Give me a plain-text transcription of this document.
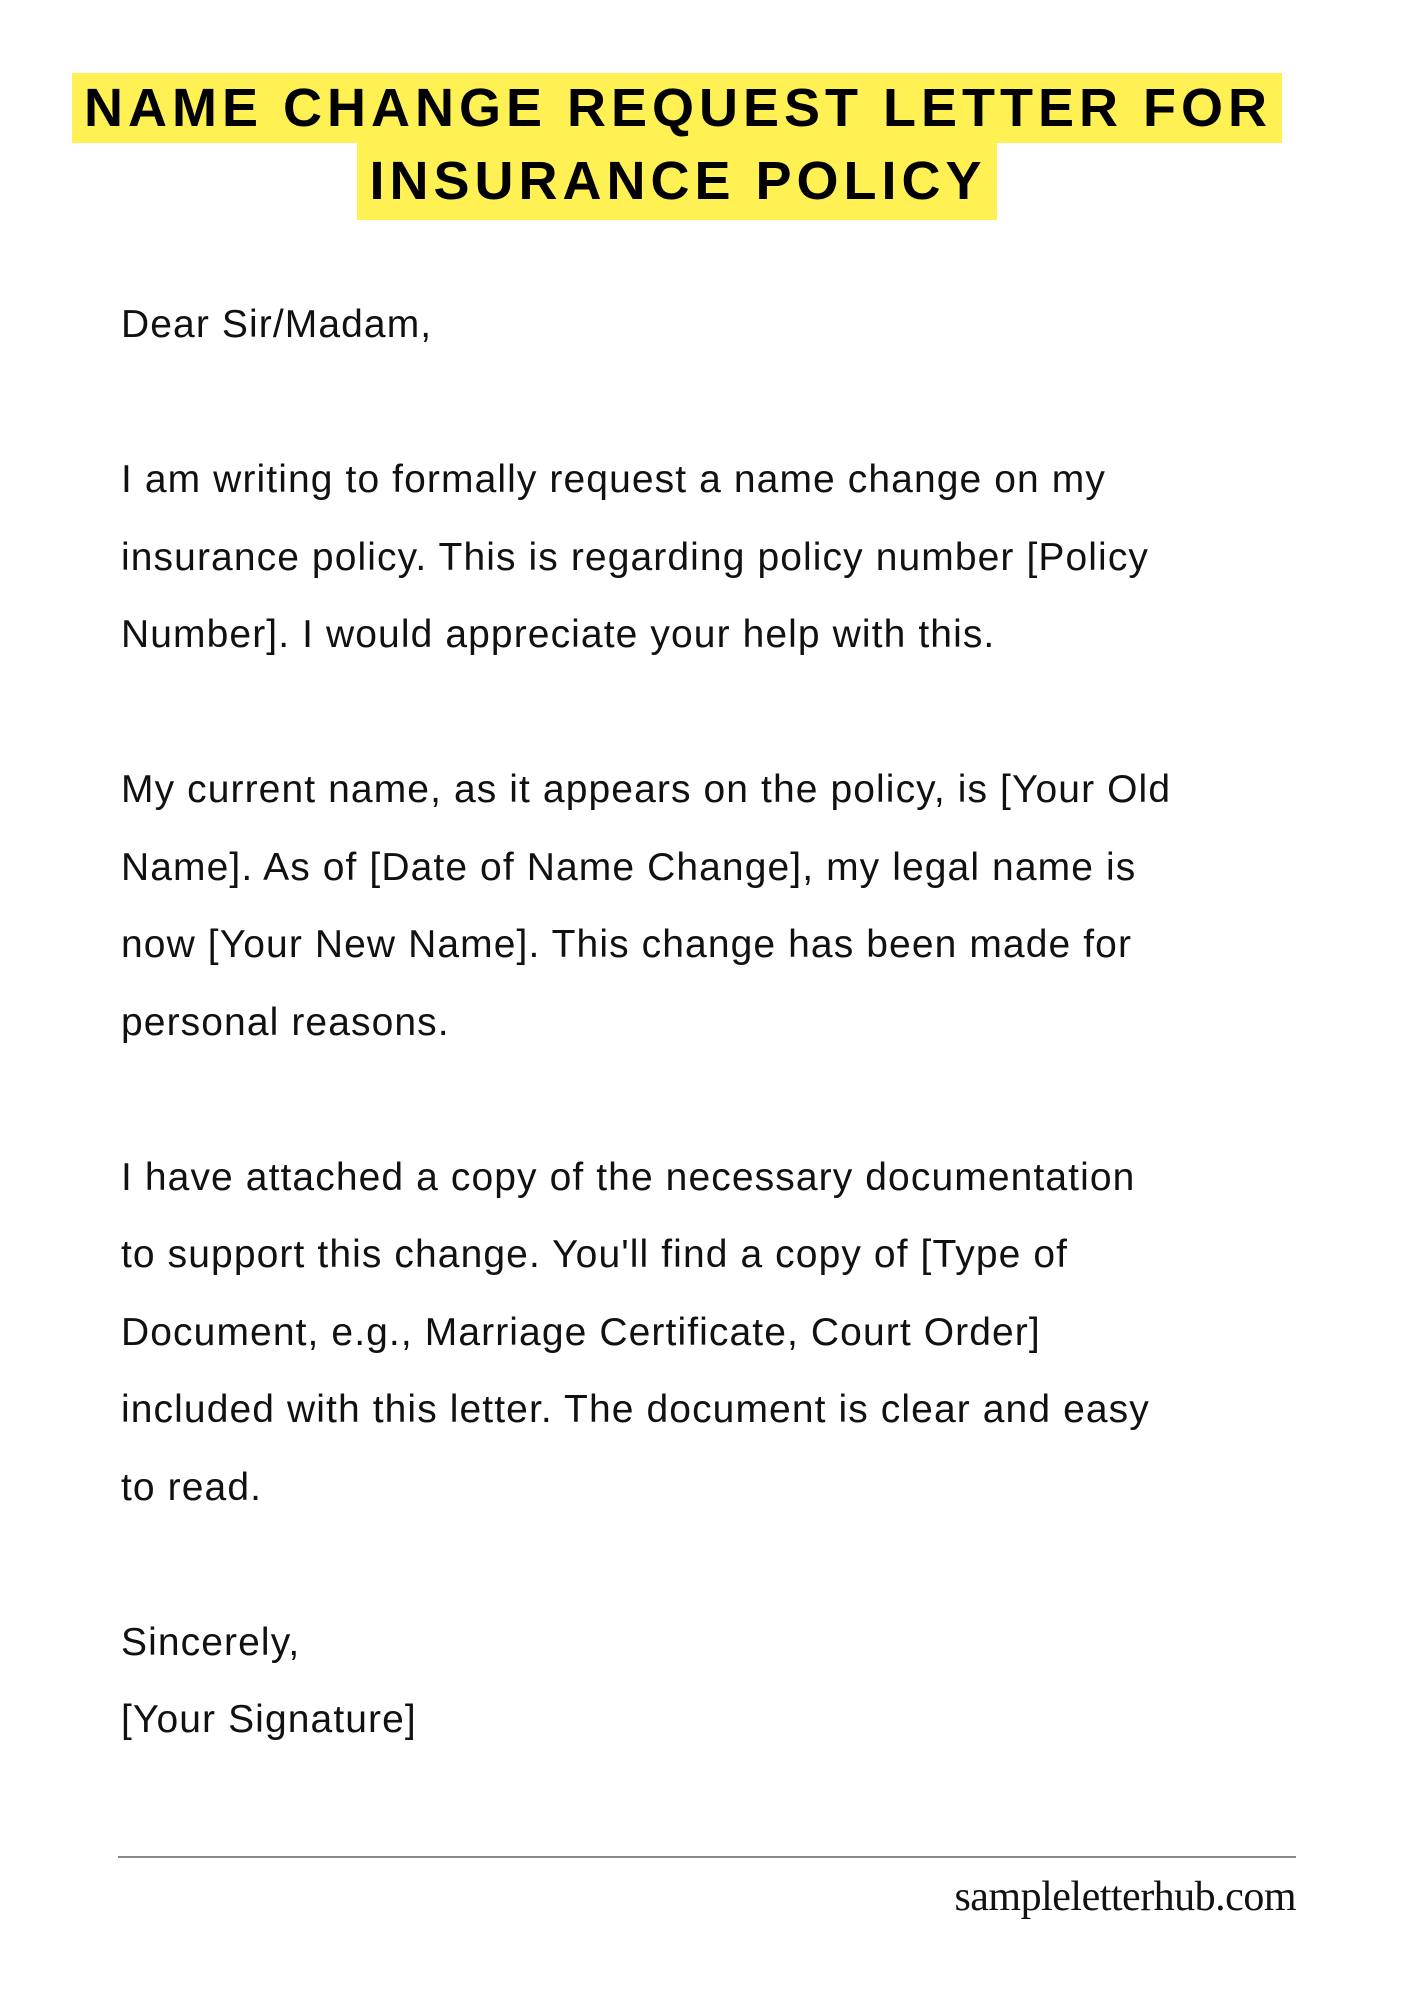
NAME CHANGE REQUEST LETTER FOR
INSURANCE POLICY
Dear Sir/Madam,
I am writing to formally request a name change on my
insurance policy. This is regarding policy number [Policy
Number]. I would appreciate your help with this.
My current name, as it appears on the policy, is [Your Old
Name]. As of [Date of Name Change], my legal name is
now [Your New Name]. This change has been made for
personal reasons.
I have attached a copy of the necessary documentation
to support this change. You'll find a copy of [Type of
Document, e.g., Marriage Certificate, Court Order]
included with this letter. The document is clear and easy
to read.
Sincerely,
[Your Signature]
sampleletterhub.com
